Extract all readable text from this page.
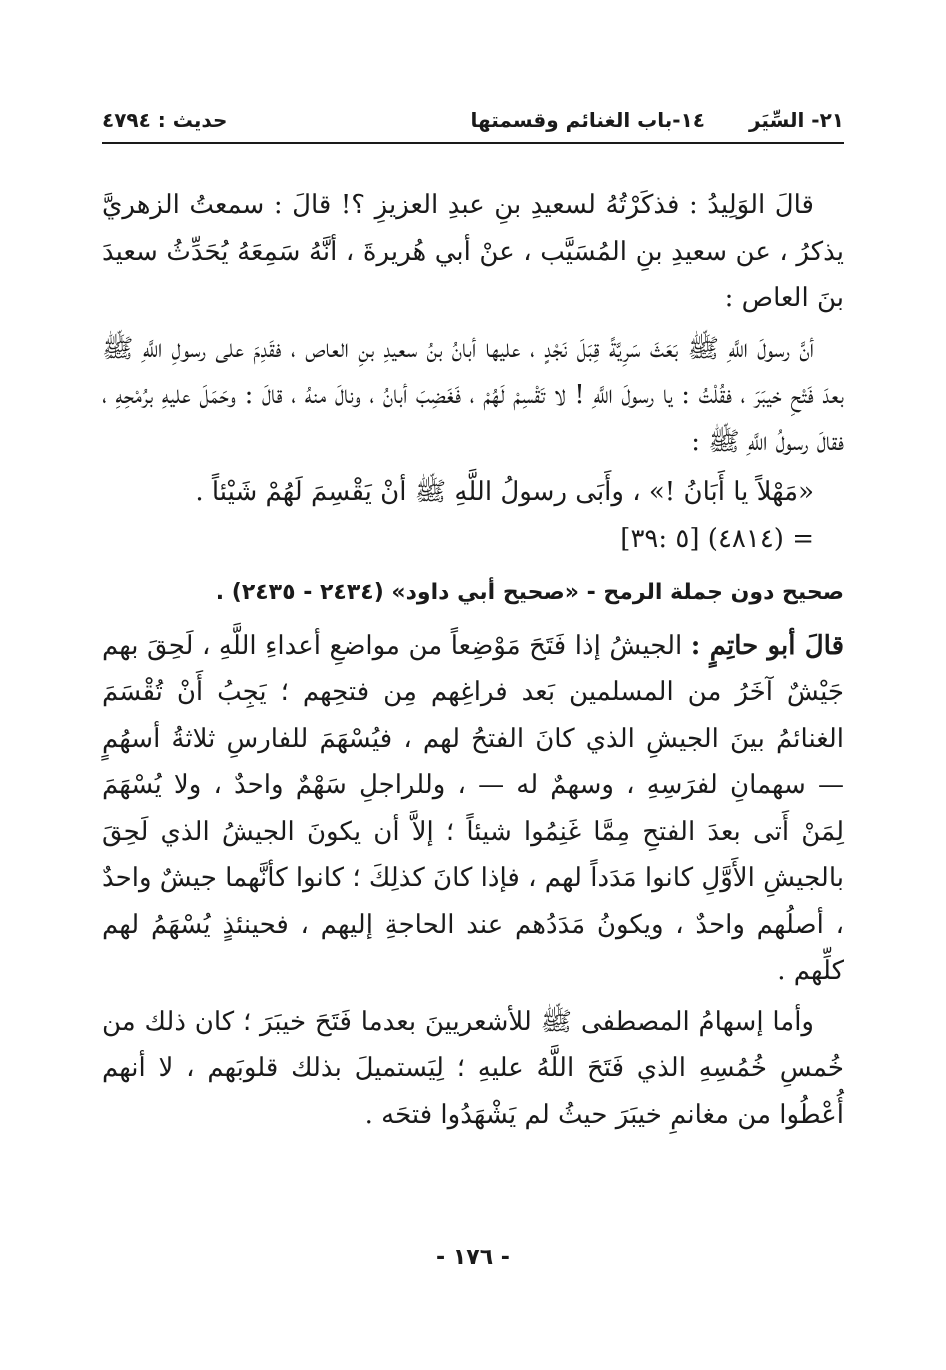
٢١- السِّيَر
١٤-باب الغنائم وقسمتها
حديث : ٤٧٩٤

قالَ الوَلِيدُ : فذكَرْتُهُ لسعيدِ بنِ عبدِ العزيزِ ؟! قالَ : سمعتُ الزهريَّ يذكرُ ، عن سعيدِ بنِ المُسَيَّب ، عنْ أبي هُريرةَ ، أنَّهُ سَمِعَهُ يُحَدِّثُ سعيدَ بنَ العاص :

أنَّ رسولَ اللَّهِ ﷺ بَعَثَ سَرِيَّةً قِبَلَ نَجْدٍ ، عليها أبانُ بنُ سعيدِ بنِ العاص ، فقَدِمَ على رسولِ اللَّهِ ﷺ بعدَ فَتْحِ خيبَرَ ، فقُلْتُ : يا رسولَ اللَّهِ ! لا تَقْسِمْ لَهُمْ ، فَغَضِبَ أبانُ ، ونالَ منهُ ، قالَ : وحَمَلَ عليهِ برُمْحِهِ ، فقالَ رسولُ اللَّهِ ﷺ :

«مَهْلاً يا أَبَانُ !» ، وأَبَى رسولُ اللَّهِ ﷺ أنْ يَقْسِمَ لَهُمْ شَيْئاً .

= (٤٨١٤) [٥ :٣٩]

صحيح دون جملة الرمح - «صحيح أبي داود» (٢٤٣٤ - ٢٤٣٥) .

قالَ أبو حاتِمٍ : الجيشُ إذا فَتَحَ مَوْضِعاً من مواضعِ أعداءِ اللَّهِ ، لَحِقَ بهم جَيْشٌ آخَرُ من المسلمين بَعد فراغِهم مِن فتحِهم ؛ يَجِبُ أَنْ تُقْسَمَ الغنائمُ بينَ الجيشِ الذي كانَ الفتحُ لهم ، فيُسْهَمَ للفارسِ ثلاثةُ أسهُمٍ — سهمانِ لفرَسِهِ ، وسهمٌ له — ، وللراجلِ سَهْمٌ واحدٌ ، ولا يُسْهَمَ لِمَنْ أَتى بعدَ الفتحِ مِمَّا غَنِمُوا شيئاً ؛ إلاَّ أن يكونَ الجيشُ الذي لَحِقَ بالجيشِ الأَوَّلِ كانوا مَدَداً لهم ، فإذا كانَ كذلِكَ ؛ كانوا كأنَّهما جيشٌ واحدٌ ، أصلُهم واحدٌ ، ويكونُ مَدَدُهم عند الحاجةِ إليهم ، فحينئذٍ يُسْهَمُ لهم كلِّهم .

وأما إسهامُ المصطفى ﷺ للأشعريينَ بعدما فَتَحَ خيبَرَ ؛ كان ذلك من خُمسِ خُمُسِهِ الذي فَتَحَ اللَّهُ عليهِ ؛ لِيَستميلَ بذلك قلوبَهم ، لا أنهم أُعْطُوا من مغانمِ خيبَرَ حيثُ لم يَشْهَدُوا فتحَه .

- ١٧٦ -
